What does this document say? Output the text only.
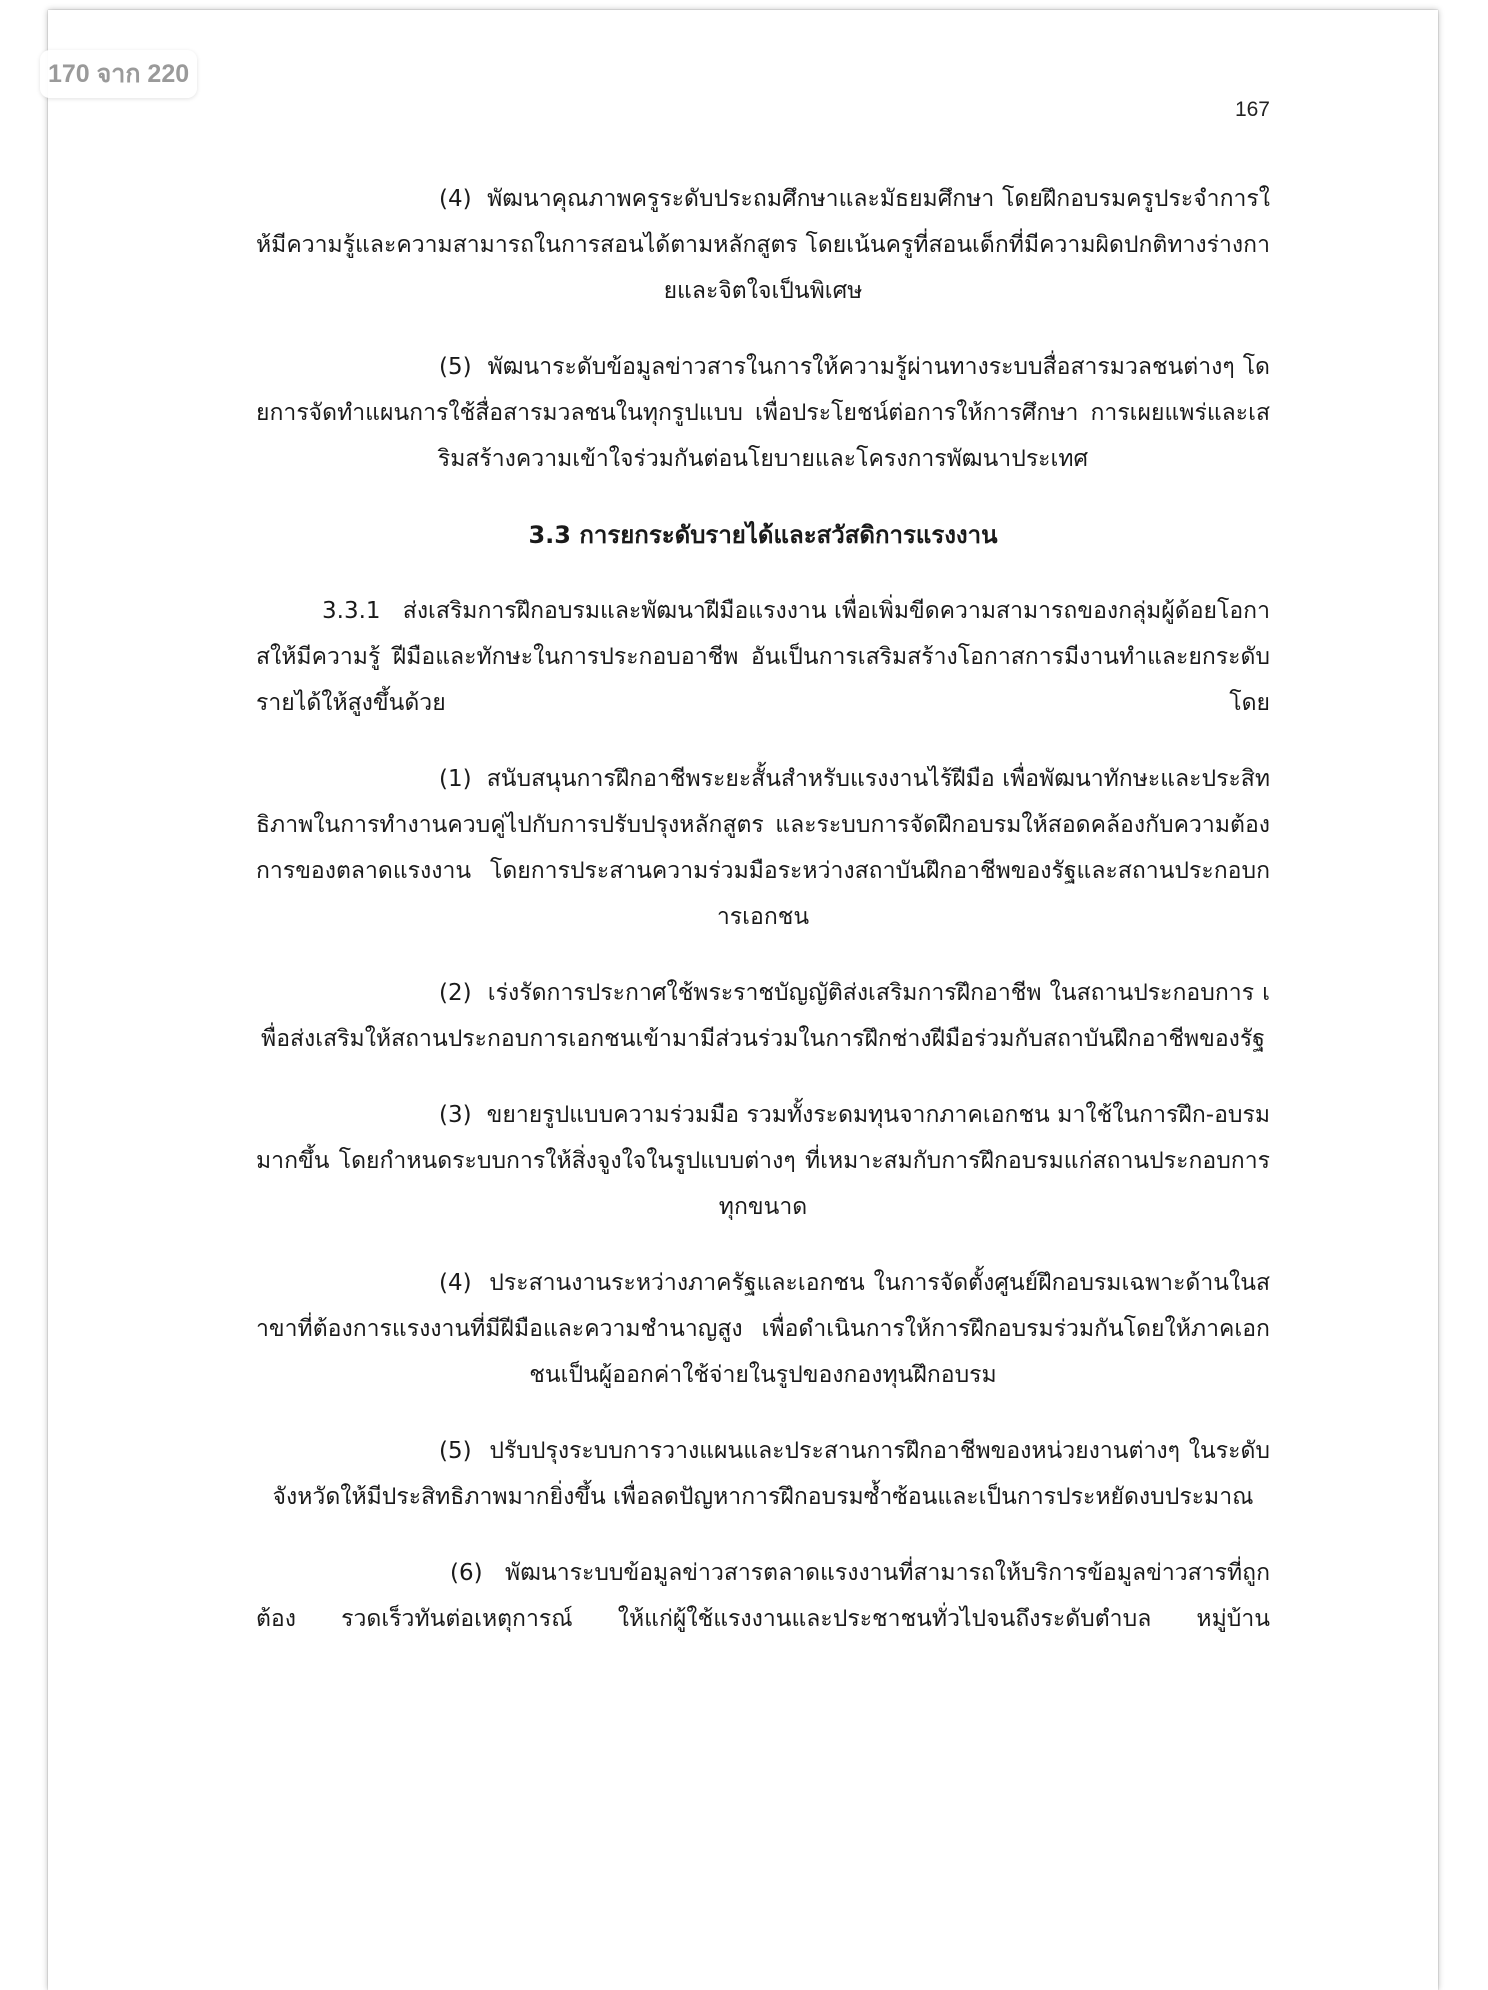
170 จาก 220
167

(4) พัฒนาคุณภาพครูระดับประถมศึกษาและมัธยมศึกษา โดยฝึกอบรมครูประจำการให้มีความรู้และความสามารถในการสอนได้ตามหลักสูตร โดยเน้นครูที่สอนเด็กที่มีความผิดปกติทางร่างกายและจิตใจเป็นพิเศษ

(5) พัฒนาระดับข้อมูลข่าวสารในการให้ความรู้ผ่านทางระบบสื่อสารมวลชนต่างๆ โดยการจัดทำแผนการใช้สื่อสารมวลชนในทุกรูปแบบ เพื่อประโยชน์ต่อการให้การศึกษา การเผยแพร่และเสริมสร้างความเข้าใจร่วมกันต่อนโยบายและโครงการพัฒนาประเทศ

3.3 การยกระดับรายได้และสวัสดิการแรงงาน

3.3.1 ส่งเสริมการฝึกอบรมและพัฒนาฝีมือแรงงาน เพื่อเพิ่มขีดความสามารถของกลุ่มผู้ด้อยโอกาสให้มีความรู้ ฝีมือและทักษะในการประกอบอาชีพ อันเป็นการเสริมสร้างโอกาสการมีงานทำและยกระดับรายได้ให้สูงขึ้นด้วย โดย

(1) สนับสนุนการฝึกอาชีพระยะสั้นสำหรับแรงงานไร้ฝีมือ เพื่อพัฒนาทักษะและประสิทธิภาพในการทำงานควบคู่ไปกับการปรับปรุงหลักสูตร และระบบการจัดฝึกอบรมให้สอดคล้องกับความต้องการของตลาดแรงงาน โดยการประสานความร่วมมือระหว่างสถาบันฝึกอาชีพของรัฐและสถานประกอบการเอกชน

(2) เร่งรัดการประกาศใช้พระราชบัญญัติส่งเสริมการฝึกอาชีพ ในสถานประกอบการ เพื่อส่งเสริมให้สถานประกอบการเอกชนเข้ามามีส่วนร่วมในการฝึกช่างฝีมือร่วมกับสถาบันฝึกอาชีพของรัฐ

(3) ขยายรูปแบบความร่วมมือ รวมทั้งระดมทุนจากภาคเอกชน มาใช้ในการฝึก-อบรมมากขึ้น โดยกำหนดระบบการให้สิ่งจูงใจในรูปแบบต่างๆ ที่เหมาะสมกับการฝึกอบรมแก่สถานประกอบการทุกขนาด

(4) ประสานงานระหว่างภาครัฐและเอกชน ในการจัดตั้งศูนย์ฝึกอบรมเฉพาะด้านในสาขาที่ต้องการแรงงานที่มีฝีมือและความชำนาญสูง เพื่อดำเนินการให้การฝึกอบรมร่วมกันโดยให้ภาคเอกชนเป็นผู้ออกค่าใช้จ่ายในรูปของกองทุนฝึกอบรม

(5) ปรับปรุงระบบการวางแผนและประสานการฝึกอาชีพของหน่วยงานต่างๆ ในระดับจังหวัดให้มีประสิทธิภาพมากยิ่งขึ้น เพื่อลดปัญหาการฝึกอบรมซ้ำซ้อนและเป็นการประหยัดงบประมาณ

(6) พัฒนาระบบข้อมูลข่าวสารตลาดแรงงานที่สามารถให้บริการข้อมูลข่าวสารที่ถูกต้อง รวดเร็วทันต่อเหตุการณ์ ให้แก่ผู้ใช้แรงงานและประชาชนทั่วไปจนถึงระดับตำบล หมู่บ้าน
